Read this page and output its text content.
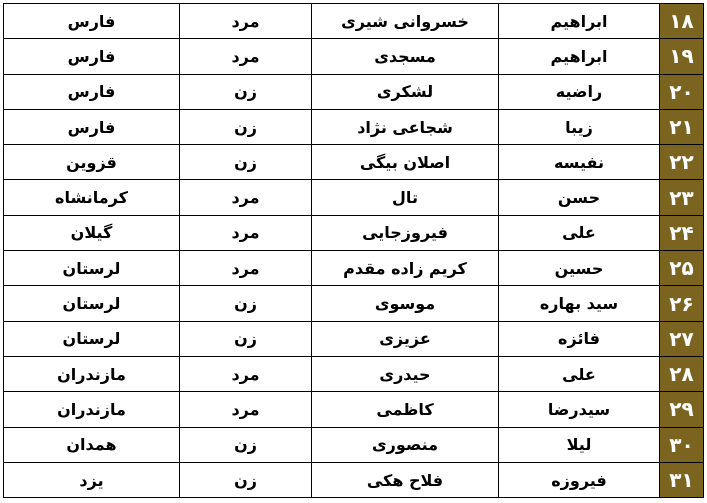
۱۸	ابراهیم	خسروانی شیری	مرد	فارس
۱۹	ابراهیم	مسجدی	مرد	فارس
۲۰	راضیه	لشکری	زن	فارس
۲۱	زیبا	شجاعی نژاد	زن	فارس
۲۲	نفیسه	اصلان بیگی	زن	قزوین
۲۳	حسن	تال	مرد	کرمانشاه
۲۴	علی	فیروزجایی	مرد	گیلان
۲۵	حسین	کریم زاده مقدم	مرد	لرستان
۲۶	سید بهاره	موسوی	زن	لرستان
۲۷	فائزه	عزیزی	زن	لرستان
۲۸	علی	حیدری	مرد	مازندران
۲۹	سیدرضا	کاظمی	مرد	مازندران
۳۰	لیلا	منصوری	زن	همدان
۳۱	فیروزه	فلاح هکی	زن	یزد
